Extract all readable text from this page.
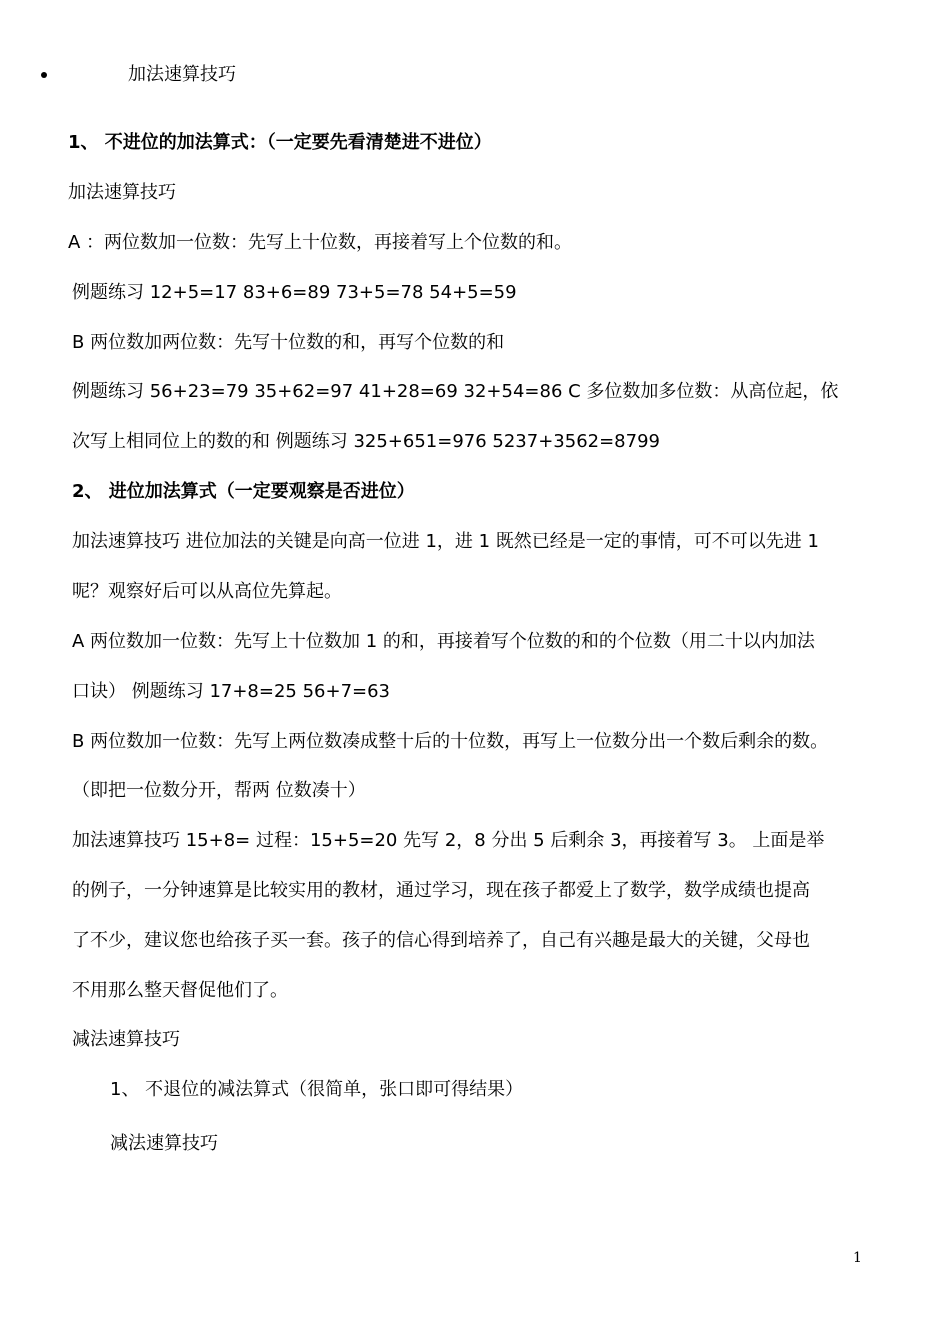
加法速算技巧
1、 不进位的加法算式：（一定要先看清楚进不进位）
加法速算技巧
A ：两位数加一位数：先写上十位数，再接着写上个位数的和。
例题练习 12+5=17 83+6=89 73+5=78 54+5=59
B 两位数加两位数：先写十位数的和，再写个位数的和
例题练习 56+23=79 35+62=97 41+28=69 32+54=86 C 多位数加多位数：从高位起，依
次写上相同位上的数的和 例题练习 325+651=976 5237+3562=8799
2、 进位加法算式（一定要观察是否进位）
加法速算技巧 进位加法的关键是向高一位进 1，进 1 既然已经是一定的事情，可不可以先进 1
呢？观察好后可以从高位先算起。
A 两位数加一位数：先写上十位数加 1 的和，再接着写个位数的和的个位数（用二十以内加法
口诀） 例题练习 17+8=25 56+7=63
B 两位数加一位数：先写上两位数凑成整十后的十位数，再写上一位数分出一个数后剩余的数。
（即把一位数分开，帮两 位数凑十）
加法速算技巧 15+8= 过程：15+5=20 先写 2，8 分出 5 后剩余 3，再接着写 3。 上面是举
的例子，一分钟速算是比较实用的教材，通过学习，现在孩子都爱上了数学，数学成绩也提高
了不少，建议您也给孩子买一套。孩子的信心得到培养了，自己有兴趣是最大的关键，父母也
不用那么整天督促他们了。
减法速算技巧
1、 不退位的减法算式（很简单，张口即可得结果）
减法速算技巧
1
